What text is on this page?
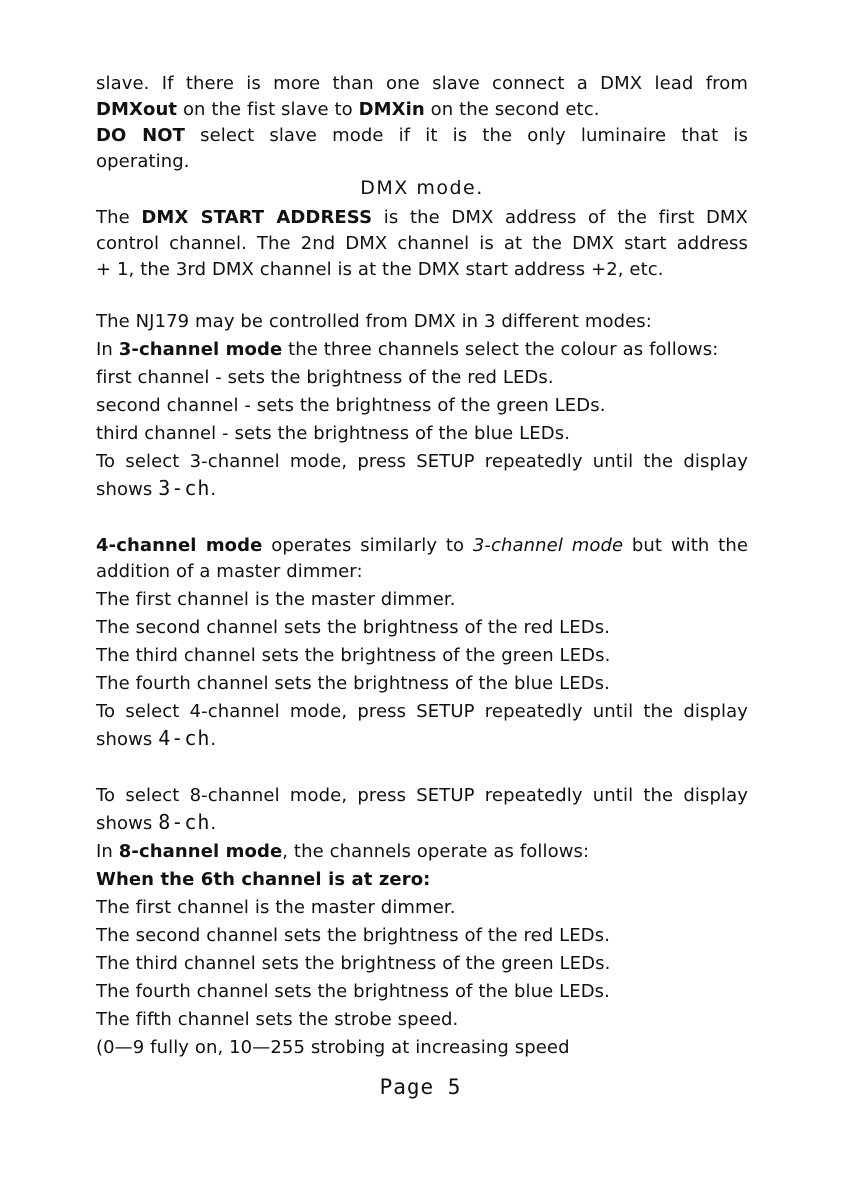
slave. If there is more than one slave connect a DMX lead from
DMXout on the fist slave to DMXin on the second etc.
DO NOT select slave mode if it is the only luminaire that is
operating.
DMX mode.
The DMX START ADDRESS is the DMX address of the first DMX
control channel. The 2nd DMX channel is at the DMX start address
+ 1, the 3rd DMX channel is at the DMX start address +2, etc.
The NJ179 may be controlled from DMX in 3 different modes:
In 3-channel mode the three channels select the colour as follows:
first channel - sets the brightness of the red LEDs.
second channel - sets the brightness of the green LEDs.
third channel - sets the brightness of the blue LEDs.
To select 3-channel mode, press SETUP repeatedly until the display
shows 3-ch.
4-channel mode operates similarly to 3-channel mode but with the
addition of a master dimmer:
The first channel is the master dimmer.
The second channel sets the brightness of the red LEDs.
The third channel sets the brightness of the green LEDs.
The fourth channel sets the brightness of the blue LEDs.
To select 4-channel mode, press SETUP repeatedly until the display
shows 4-ch.
To select 8-channel mode, press SETUP repeatedly until the display
shows 8-ch.
In 8-channel mode, the channels operate as follows:
When the 6th channel is at zero:
The first channel is the master dimmer.
The second channel sets the brightness of the red LEDs.
The third channel sets the brightness of the green LEDs.
The fourth channel sets the brightness of the blue LEDs.
The fifth channel sets the strobe speed.
(0—9 fully on, 10—255 strobing at increasing speed
Page 5
